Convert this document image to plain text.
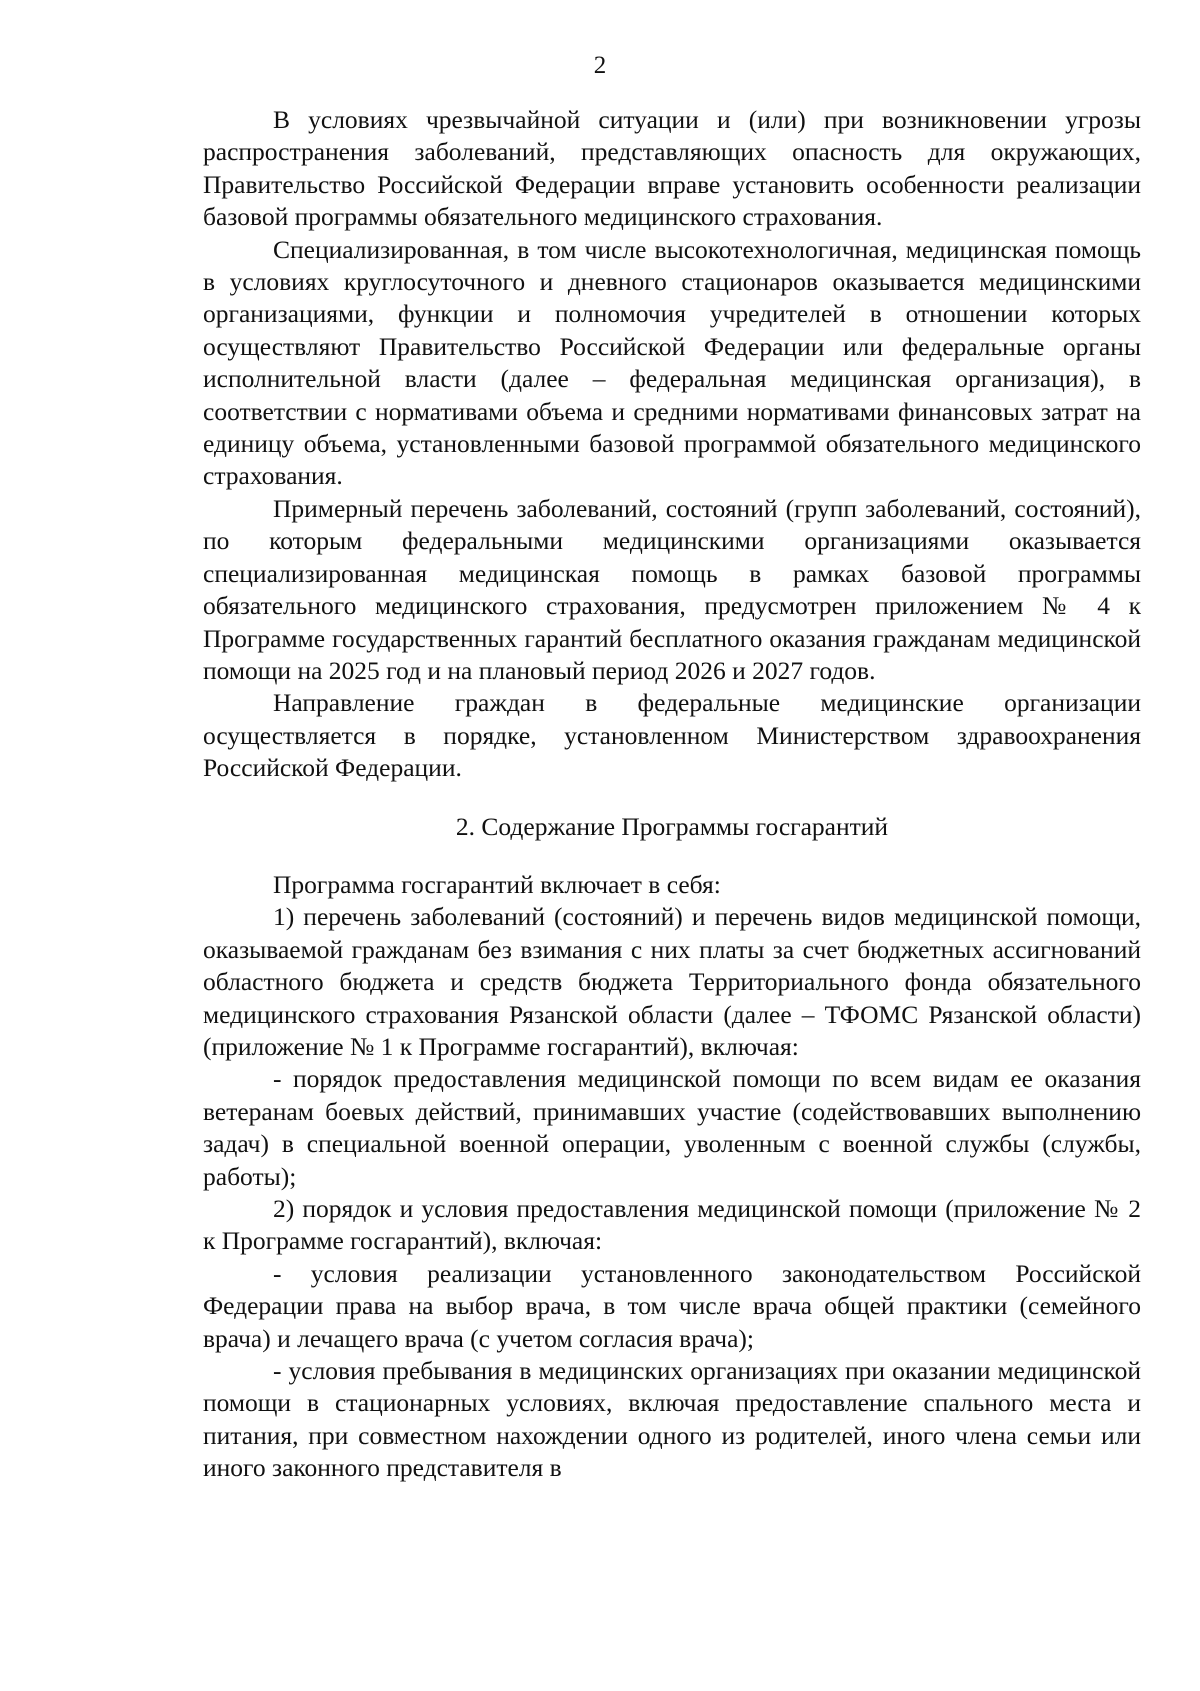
2

В условиях чрезвычайной ситуации и (или) при возникновении угрозы распространения заболеваний, представляющих опасность для окружающих, Правительство Российской Федерации вправе установить особенности реализации базовой программы обязательного медицинского страхования.

Специализированная, в том числе высокотехнологичная, медицинская помощь в условиях круглосуточного и дневного стационаров оказывается медицинскими организациями, функции и полномочия учредителей в отношении которых осуществляют Правительство Российской Федерации или федеральные органы исполнительной власти (далее – федеральная медицинская организация), в соответствии с нормативами объема и средними нормативами финансовых затрат на единицу объема, установленными базовой программой обязательного медицинского страхования.

Примерный перечень заболеваний, состояний (групп заболеваний, состояний), по которым федеральными медицинскими организациями оказывается специализированная медицинская помощь в рамках базовой программы обязательного медицинского страхования, предусмотрен приложением № 4 к Программе государственных гарантий бесплатного оказания гражданам медицинской помощи на 2025 год и на плановый период 2026 и 2027 годов.

Направление граждан в федеральные медицинские организации осуществляется в порядке, установленном Министерством здравоохранения Российской Федерации.

2. Содержание Программы госгарантий

Программа госгарантий включает в себя:

1) перечень заболеваний (состояний) и перечень видов медицинской помощи, оказываемой гражданам без взимания с них платы за счет бюджетных ассигнований областного бюджета и средств бюджета Территориального фонда обязательного медицинского страхования Рязанской области (далее – ТФОМС Рязанской области) (приложение № 1 к Программе госгарантий), включая:

- порядок предоставления медицинской помощи по всем видам ее оказания ветеранам боевых действий, принимавших участие (содействовавших выполнению задач) в специальной военной операции, уволенным с военной службы (службы, работы);

2) порядок и условия предоставления медицинской помощи (приложение № 2 к Программе госгарантий), включая:

- условия реализации установленного законодательством Российской Федерации права на выбор врача, в том числе врача общей практики (семейного врача) и лечащего врача (с учетом согласия врача);

- условия пребывания в медицинских организациях при оказании медицинской помощи в стационарных условиях, включая предоставление спального места и питания, при совместном нахождении одного из родителей, иного члена семьи или иного законного представителя в
